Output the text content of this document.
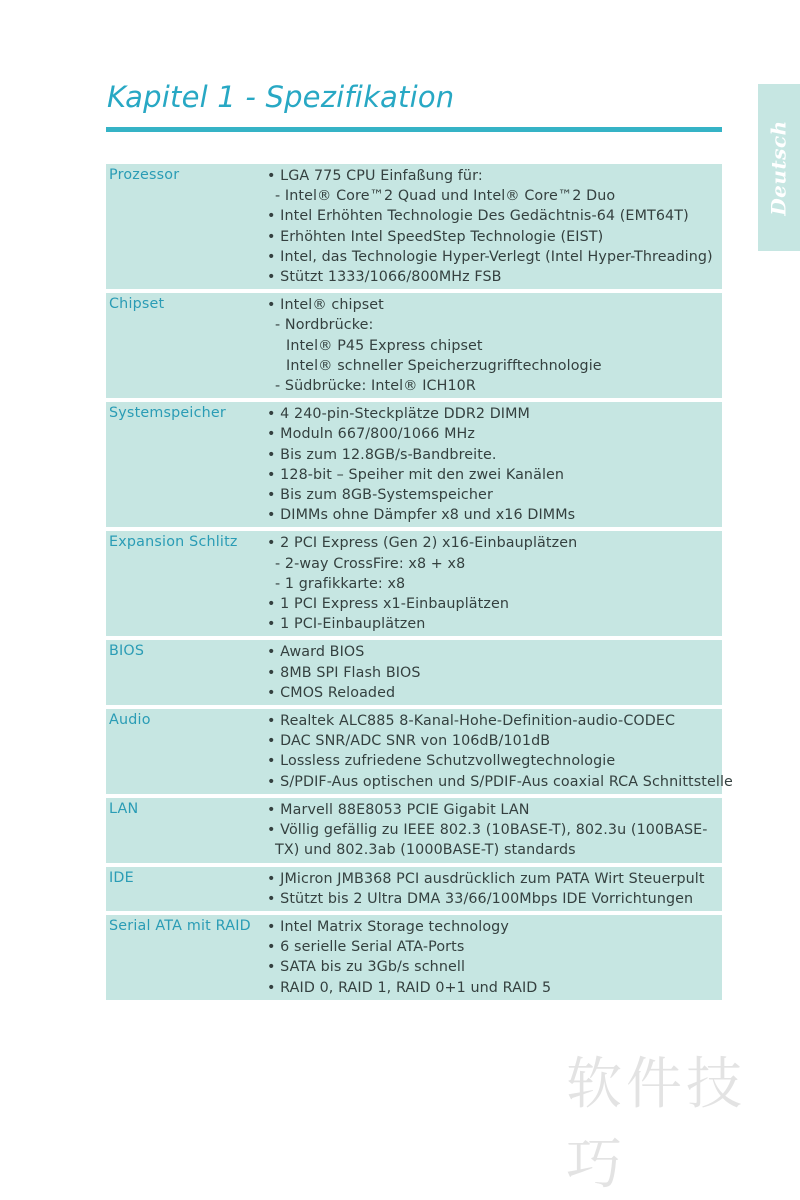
Kapitel 1 - Spezifikation
Deutsch
Prozessor	• LGA 775 CPU Einfaßung für:
- Intel® Core™2 Quad und Intel® Core™2 Duo
• Intel Erhöhten Technologie Des Gedächtnis-64 (EMT64T)
• Erhöhten Intel SpeedStep Technologie (EIST)
• Intel, das Technologie Hyper-Verlegt (Intel Hyper-Threading)
• Stützt 1333/1066/800MHz FSB
Chipset	• Intel® chipset
- Nordbrücke:
Intel® P45 Express chipset
Intel® schneller Speicherzugrifftechnologie
- Südbrücke: Intel® ICH10R
Systemspeicher	• 4 240-pin-Steckplätze DDR2 DIMM
• Moduln 667/800/1066 MHz
• Bis zum 12.8GB/s-Bandbreite.
• 128-bit – Speiher mit den zwei Kanälen
• Bis zum 8GB-Systemspeicher
• DIMMs ohne Dämpfer x8 und x16 DIMMs
Expansion Schlitz • 2 PCI Express (Gen 2) x16-Einbauplätzen
- 2-way CrossFire: x8 + x8
- 1 grafikkarte: x8
• 1 PCI Express x1-Einbauplätzen
• 1 PCI-Einbauplätzen
BIOS	• Award BIOS
• 8MB SPI Flash BIOS
• CMOS Reloaded
Audio	• Realtek ALC885 8-Kanal-Hohe-Definition-audio-CODEC
• DAC SNR/ADC SNR von 106dB/101dB
• Lossless zufriedene Schutzvollwegtechnologie
• S/PDIF-Aus optischen und S/PDIF-Aus coaxial RCA Schnittstelle
LAN	• Marvell 88E8053 PCIE Gigabit LAN
• Völlig gefällig zu IEEE 802.3 (10BASE-T), 802.3u (100BASE-
TX) und 802.3ab (1000BASE-T) standards
IDE	• JMicron JMB368 PCI ausdrücklich zum PATA Wirt Steuerpult
• Stützt bis 2 Ultra DMA 33/66/100Mbps IDE Vorrichtungen
Serial ATA mit RAID • Intel Matrix Storage technology
• 6 serielle Serial ATA-Ports
• SATA bis zu 3Gb/s schnell
• RAID 0, RAID 1, RAID 0+1 und RAID 5
软件技巧
